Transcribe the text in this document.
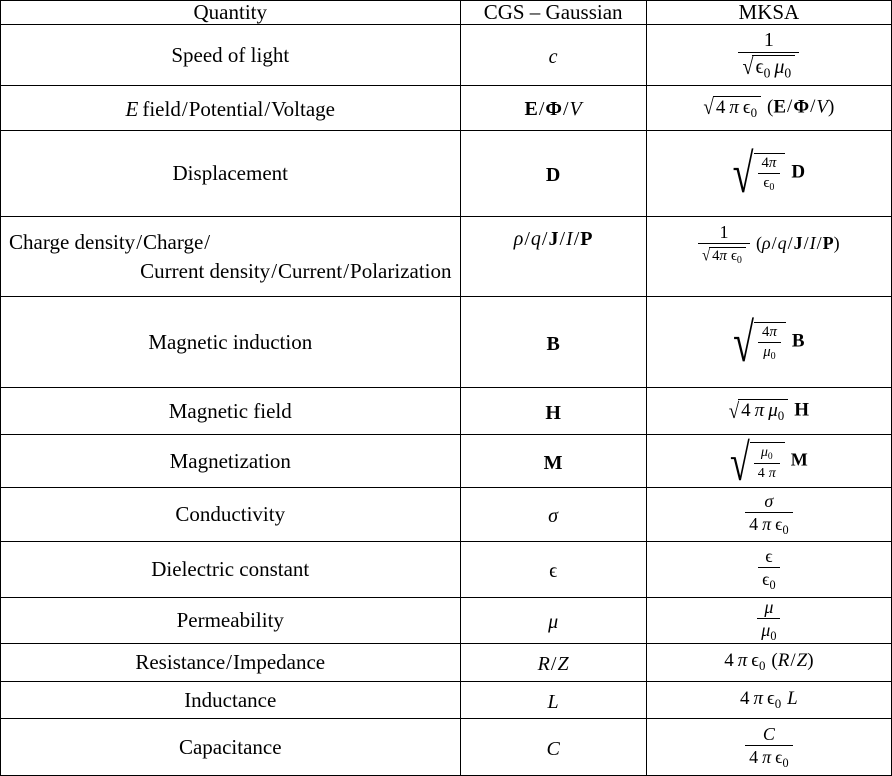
Quantity	CGS – Gaussian	MKSA
Speed of light	c	$\frac{1}{√ \epsilon_0 \mu_0}$

E field/Potential/Voltage	E/Φ/V	√ 4 π $\epsilon_0$ (E/Φ/V)
Displacement	D	√ $\frac{4\pi}{\epsilon_0}$ D

Charge density/Charge/
Current density/Current/Polarization	ρ/q/J/I/P	$\frac{1}{√ 4\pi \epsilon_0} (\rho/q/J/I/P)$
Magnetic induction	B	√ $\frac{4\pi}{\mu_0}$ B
Magnetic field	H	√ 4 π $\mu_0$ H
Magnetization	M	√ $\frac{\mu_0}{4 \pi}$ M
Conductivity	σ	$\frac{\sigma}{4 \pi \epsilon_0}$

Dielectric constant	ϵ	$\frac{\epsilon}{\epsilon_0}$

Permeability	μ	$\frac{\mu}{\mu_0}$

Resistance/Impedance	R/Z	4 π $\epsilon_0$ (R/Z)
Inductance	L	4 π $\epsilon_0$ L
Capacitance	C	$\frac{C}{4 \pi \epsilon_0}$
